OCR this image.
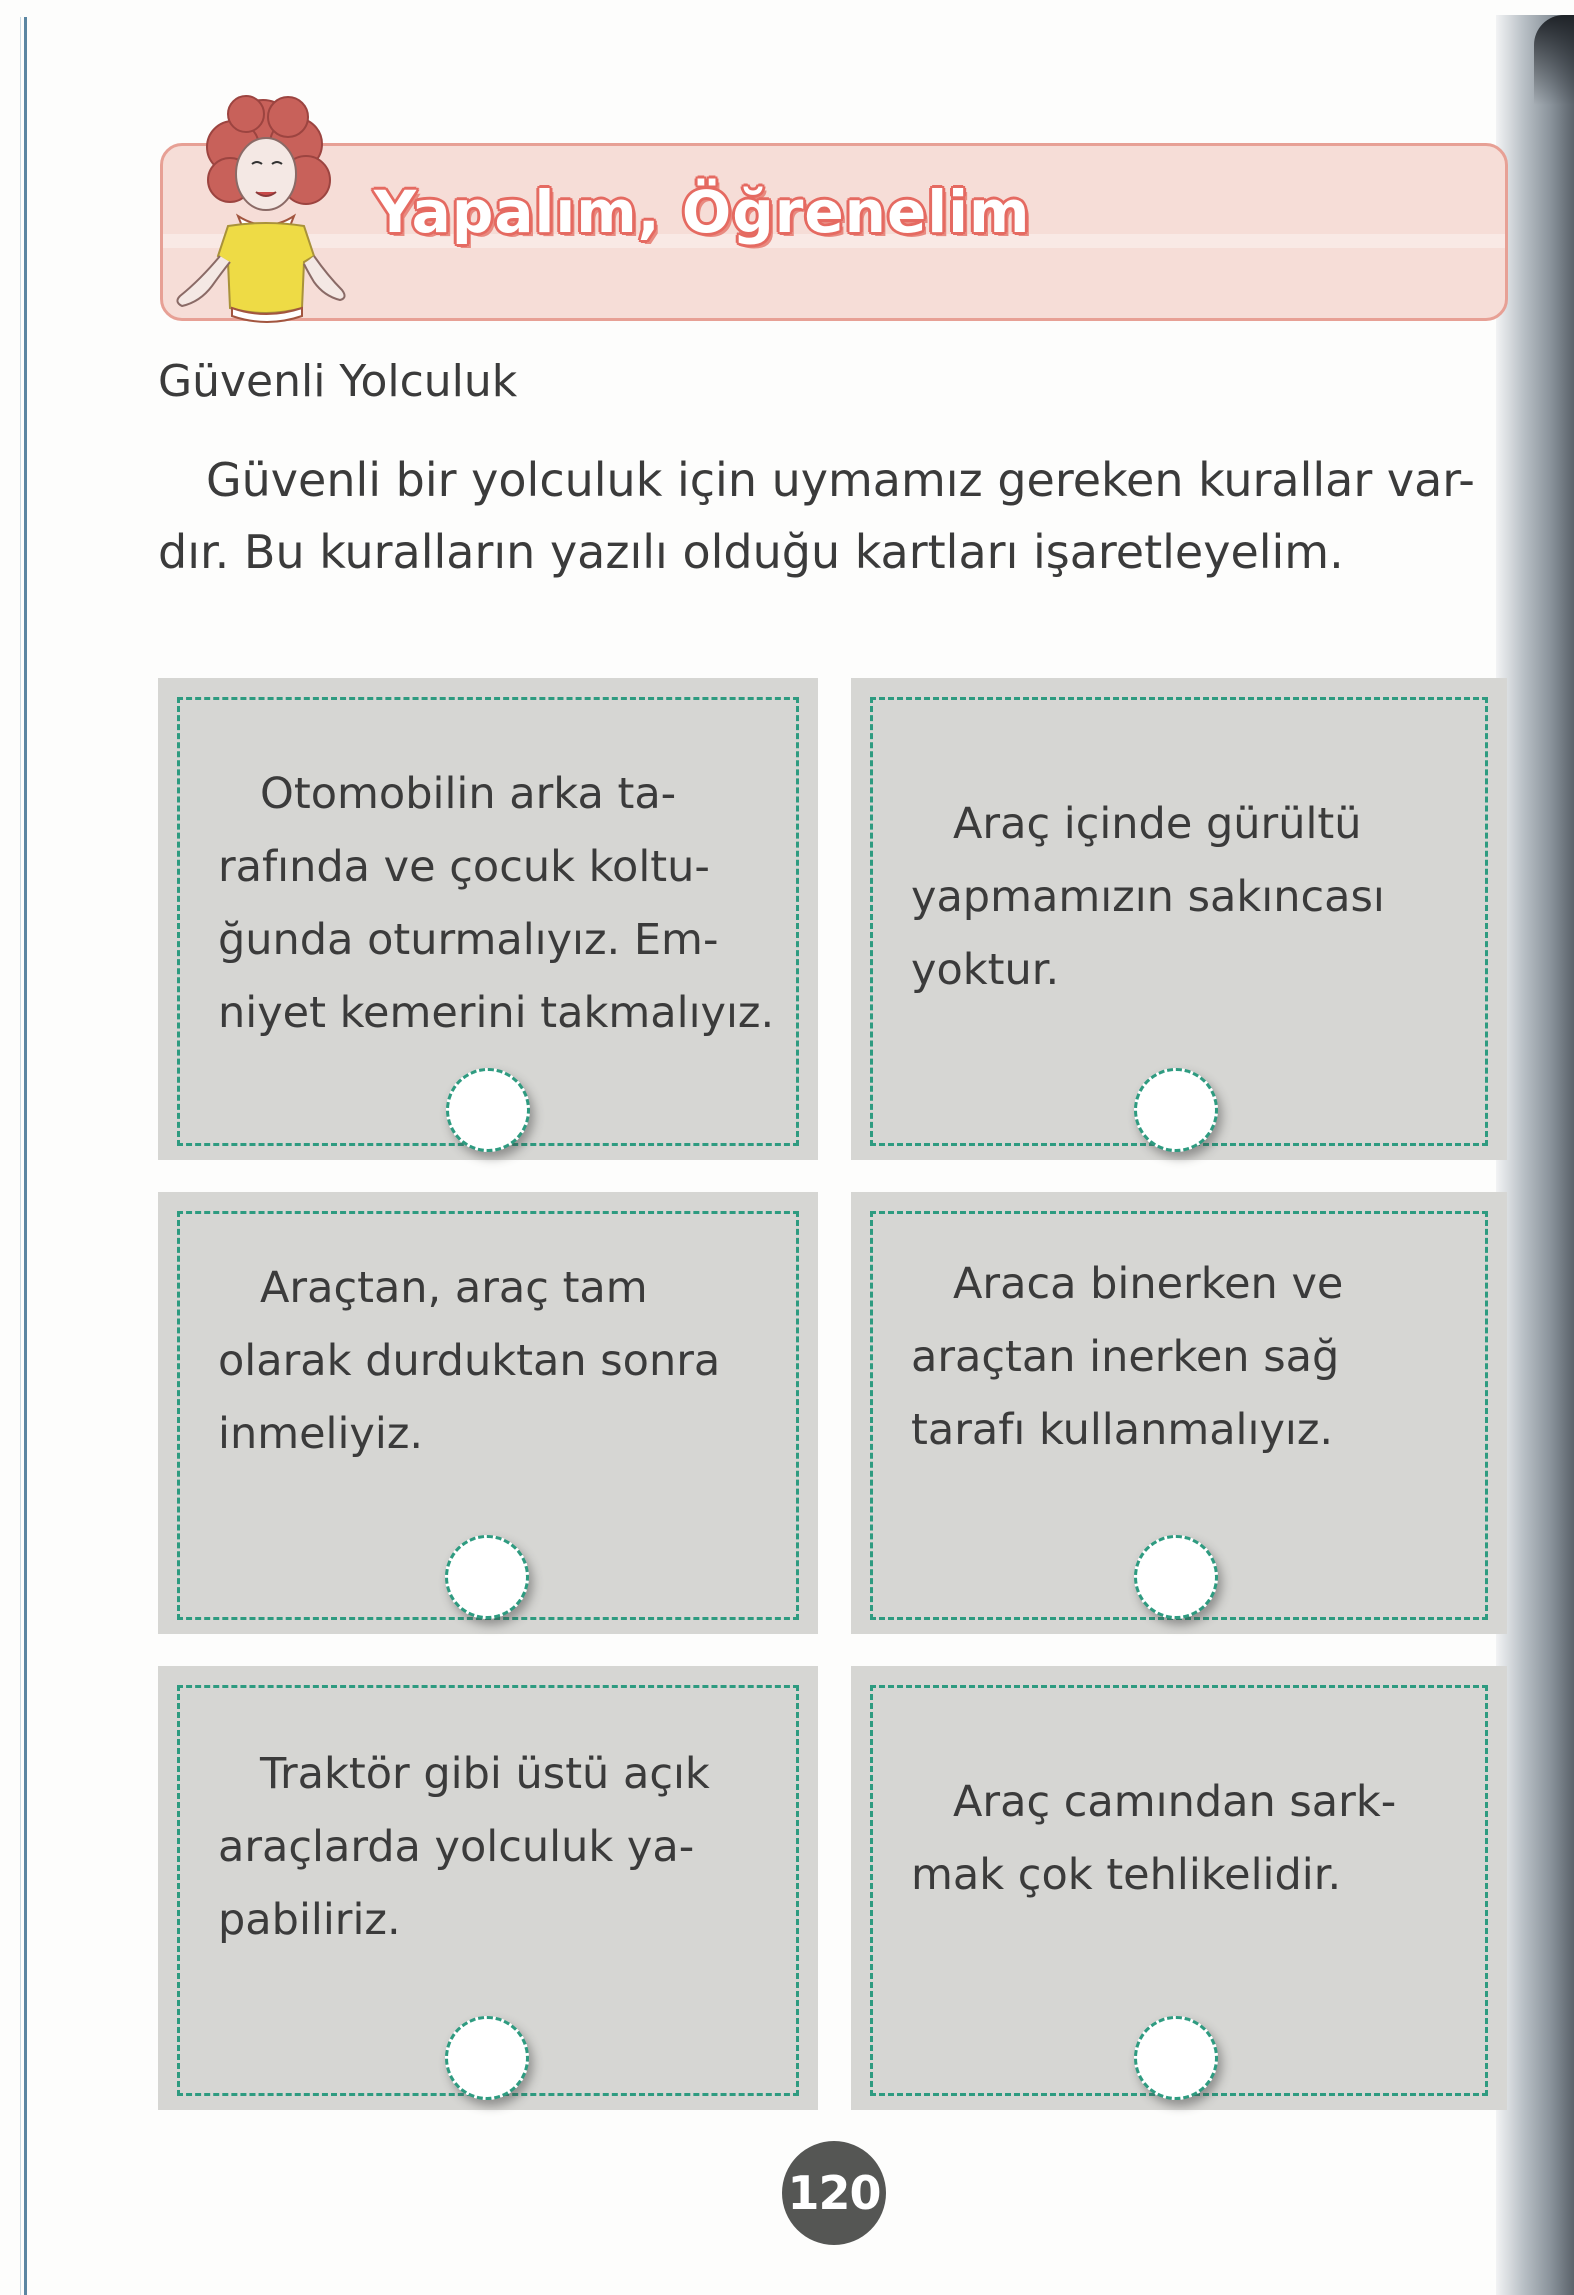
Yapalım, Öğrenelim
Güvenli Yolculuk
Güvenli bir yolculuk için uymamız gereken kurallar var-
dır. Bu kuralların yazılı olduğu kartları işaretleyelim.
Otomobilin arka ta-
rafında ve çocuk koltu-
ğunda oturmalıyız. Em-
niyet kemerini takmalıyız.
Araç içinde gürültü
yapmamızın sakıncası
yoktur.
Araçtan, araç tam
olarak durduktan sonra
inmeliyiz.
Araca binerken ve
araçtan inerken sağ
tarafı kullanmalıyız.
Traktör gibi üstü açık
araçlarda yolculuk ya-
pabiliriz.
Araç camından sark-
mak çok tehlikelidir.
120
